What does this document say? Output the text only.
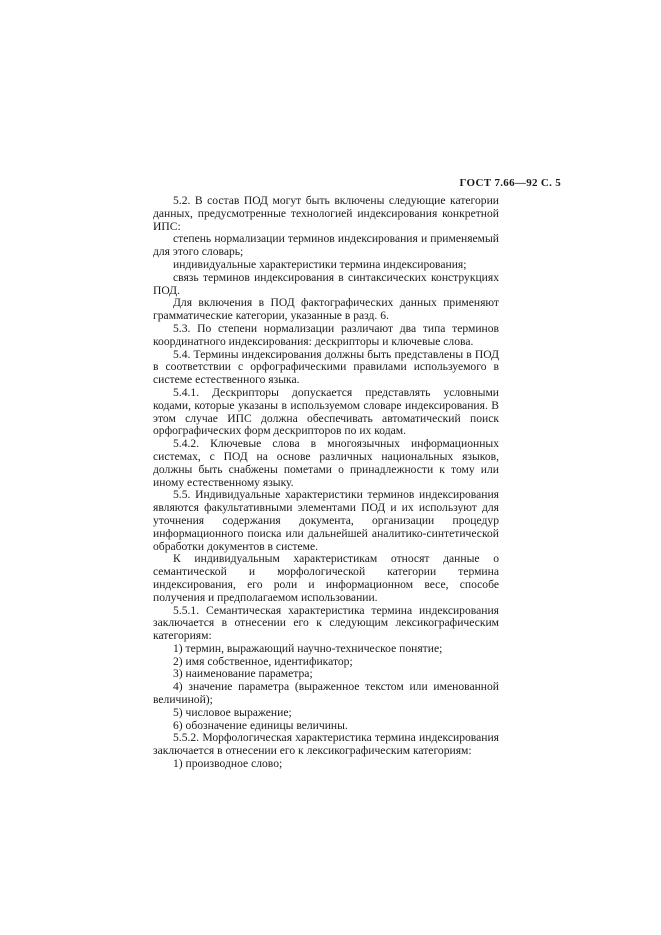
ГОСТ 7.66—92 С. 5

5.2. В состав ПОД могут быть включены следующие категории данных, предусмотренные технологией индексирования конкретной ИПС:

степень нормализации терминов индексирования и применяемый для этого словарь;

индивидуальные характеристики термина индексирования;

связь терминов индексирования в синтаксических конструкциях ПОД.

Для включения в ПОД фактографических данных применяют грамматические категории, указанные в разд. 6.

5.3. По степени нормализации различают два типа терминов координатного индексирования: дескрипторы и ключевые слова.

5.4. Термины индексирования должны быть представлены в ПОД в соответствии с орфографическими правилами используемого в системе естественного языка.

5.4.1. Дескрипторы допускается представлять условными кодами, которые указаны в используемом словаре индексирования. В этом случае ИПС должна обеспечивать автоматический поиск орфографических форм дескрипторов по их кодам.

5.4.2. Ключевые слова в многоязычных информационных системах, с ПОД на основе различных национальных языков, должны быть снабжены пометами о принадлежности к тому или иному естественному языку.

5.5. Индивидуальные характеристики терминов индексирования являются факультативными элементами ПОД и их используют для уточнения содержания документа, организации процедур информационного поиска или дальнейшей аналитико-синтетической обработки документов в системе.

К индивидуальным характеристикам относят данные о семантической и морфологической категории термина индексирования, его роли и информационном весе, способе получения и предполагаемом использовании.

5.5.1. Семантическая характеристика термина индексирования заключается в отнесении его к следующим лексикографическим категориям:

1) термин, выражающий научно-техническое понятие;

2) имя собственное, идентификатор;

3) наименование параметра;

4) значение параметра (выраженное текстом или именованной величиной);

5) числовое выражение;

6) обозначение единицы величины.

5.5.2. Морфологическая характеристика термина индексирования заключается в отнесении его к лексикографическим категориям:

1) производное слово;
